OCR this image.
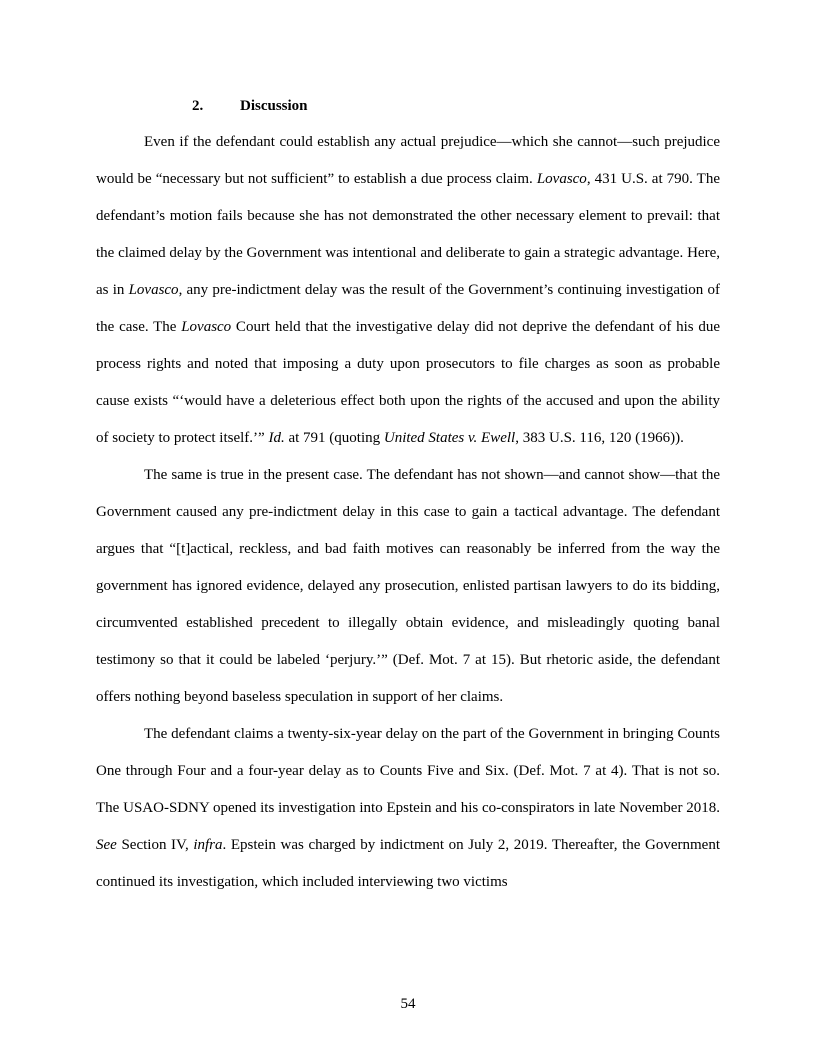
2. Discussion

Even if the defendant could establish any actual prejudice—which she cannot—such prejudice would be “necessary but not sufficient” to establish a due process claim. Lovasco, 431 U.S. at 790. The defendant’s motion fails because she has not demonstrated the other necessary element to prevail: that the claimed delay by the Government was intentional and deliberate to gain a strategic advantage. Here, as in Lovasco, any pre-indictment delay was the result of the Government’s continuing investigation of the case. The Lovasco Court held that the investigative delay did not deprive the defendant of his due process rights and noted that imposing a duty upon prosecutors to file charges as soon as probable cause exists “‘would have a deleterious effect both upon the rights of the accused and upon the ability of society to protect itself.’” Id. at 791 (quoting United States v. Ewell, 383 U.S. 116, 120 (1966)).

The same is true in the present case. The defendant has not shown—and cannot show—that the Government caused any pre-indictment delay in this case to gain a tactical advantage. The defendant argues that “[t]actical, reckless, and bad faith motives can reasonably be inferred from the way the government has ignored evidence, delayed any prosecution, enlisted partisan lawyers to do its bidding, circumvented established precedent to illegally obtain evidence, and misleadingly quoting banal testimony so that it could be labeled ‘perjury.’” (Def. Mot. 7 at 15). But rhetoric aside, the defendant offers nothing beyond baseless speculation in support of her claims.

The defendant claims a twenty-six-year delay on the part of the Government in bringing Counts One through Four and a four-year delay as to Counts Five and Six. (Def. Mot. 7 at 4). That is not so. The USAO-SDNY opened its investigation into Epstein and his co-conspirators in late November 2018. See Section IV, infra. Epstein was charged by indictment on July 2, 2019. Thereafter, the Government continued its investigation, which included interviewing two victims

54
